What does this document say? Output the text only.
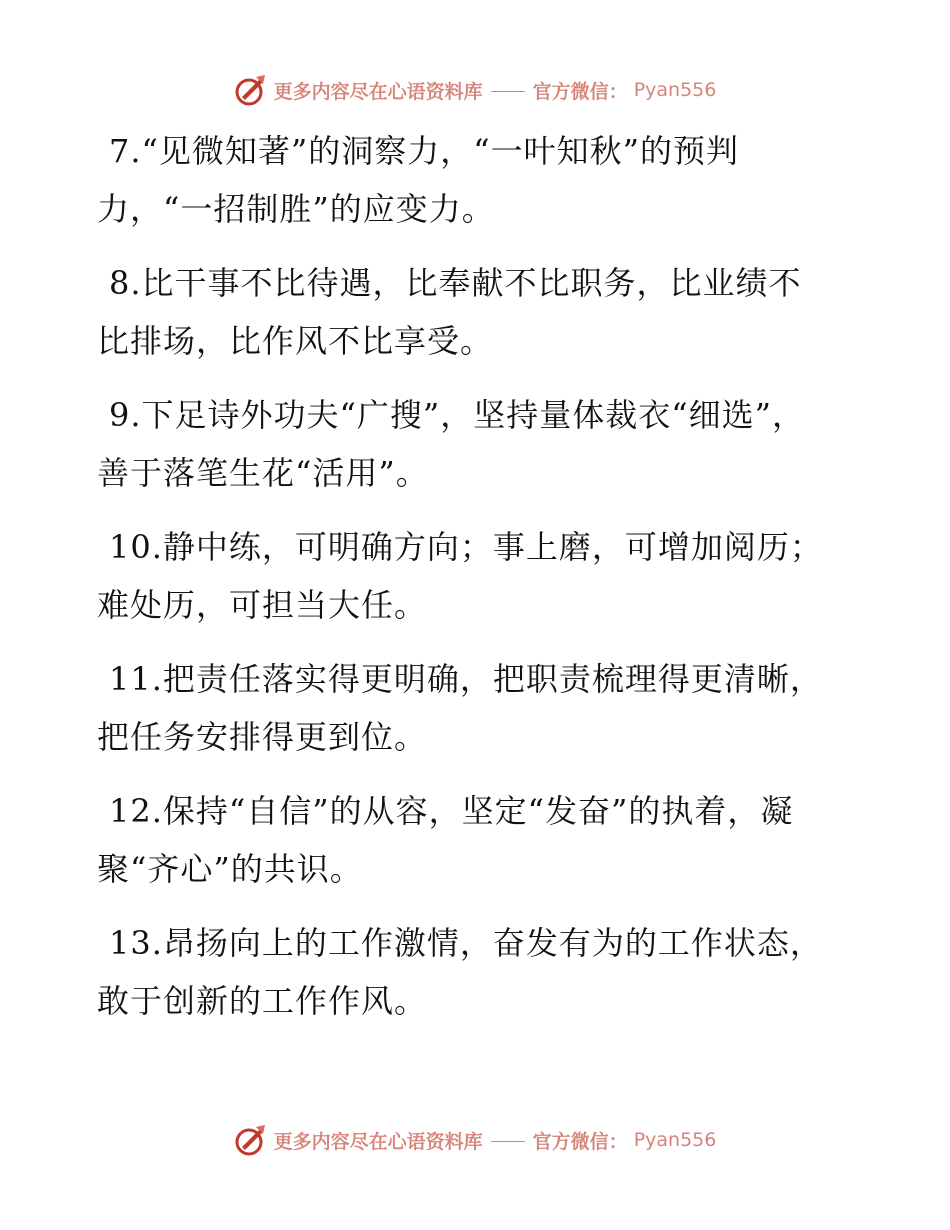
更多内容尽在心语资料库	官方微信： Pyan556

7.“见微知著”的洞察力，“一叶知秋”的预判力，“一招制胜”的应变力。

8.比干事不比待遇，比奉献不比职务，比业绩不比排场，比作风不比享受。

9.下足诗外功夫“广搜”，坚持量体裁衣“细选”，善于落笔生花“活用”。

10.静中练，可明确方向；事上磨，可增加阅历；难处历，可担当大任。

11.把责任落实得更明确，把职责梳理得更清晰，把任务安排得更到位。

12.保持“自信”的从容，坚定“发奋”的执着，凝聚“齐心”的共识。

13.昂扬向上的工作激情，奋发有为的工作状态，敢于创新的工作作风。

更多内容尽在心语资料库	官方微信： Pyan556
